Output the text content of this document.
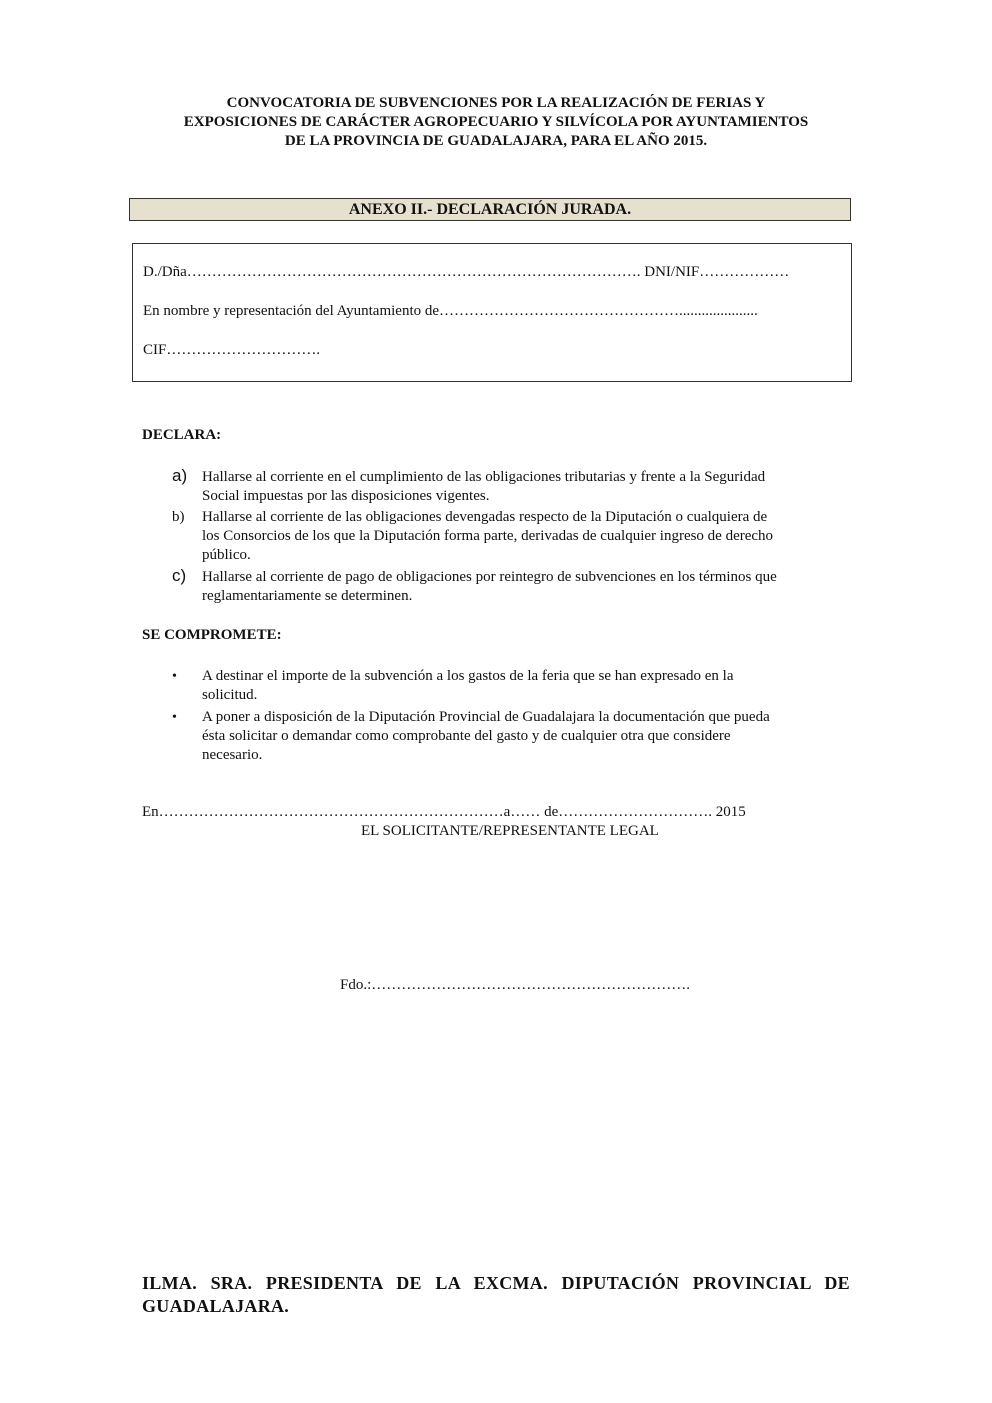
CONVOCATORIA DE SUBVENCIONES POR LA REALIZACIÓN DE FERIAS Y
EXPOSICIONES DE CARÁCTER AGROPECUARIO Y SILVÍCOLA POR AYUNTAMIENTOS
DE LA PROVINCIA DE GUADALAJARA, PARA EL AÑO 2015.
ANEXO II.- DECLARACIÓN JURADA.
D./Dña………………………………………………………………………………. DNI/NIF………………
En nombre y representación del Ayuntamiento de………………………………………….....................
CIF………………………….
DECLARA:
a) Hallarse al corriente en el cumplimiento de las obligaciones tributarias y frente a la Seguridad
Social impuestas por las disposiciones vigentes.
b)	Hallarse al corriente de las obligaciones devengadas respecto de la Diputación o cualquiera de
los Consorcios de los que la Diputación forma parte, derivadas de cualquier ingreso de derecho
público.
c)	Hallarse al corriente de pago de obligaciones por reintegro de subvenciones en los términos que
reglamentariamente se determinen.
SE COMPROMETE:
• A destinar el importe de la subvención a los gastos de la feria que se han expresado en la
solicitud.
• A poner a disposición de la Diputación Provincial de Guadalajara la documentación que pueda
ésta solicitar o demandar como comprobante del gasto y de cualquier otra que considere
necesario.
En……………………………………………………………a…… de…………………………. 2015
EL SOLICITANTE/REPRESENTANTE LEGAL
Fdo.:……………………………………………………….
ILMA. SRA. PRESIDENTA DE LA EXCMA. DIPUTACIÓN PROVINCIAL DE
GUADALAJARA.
